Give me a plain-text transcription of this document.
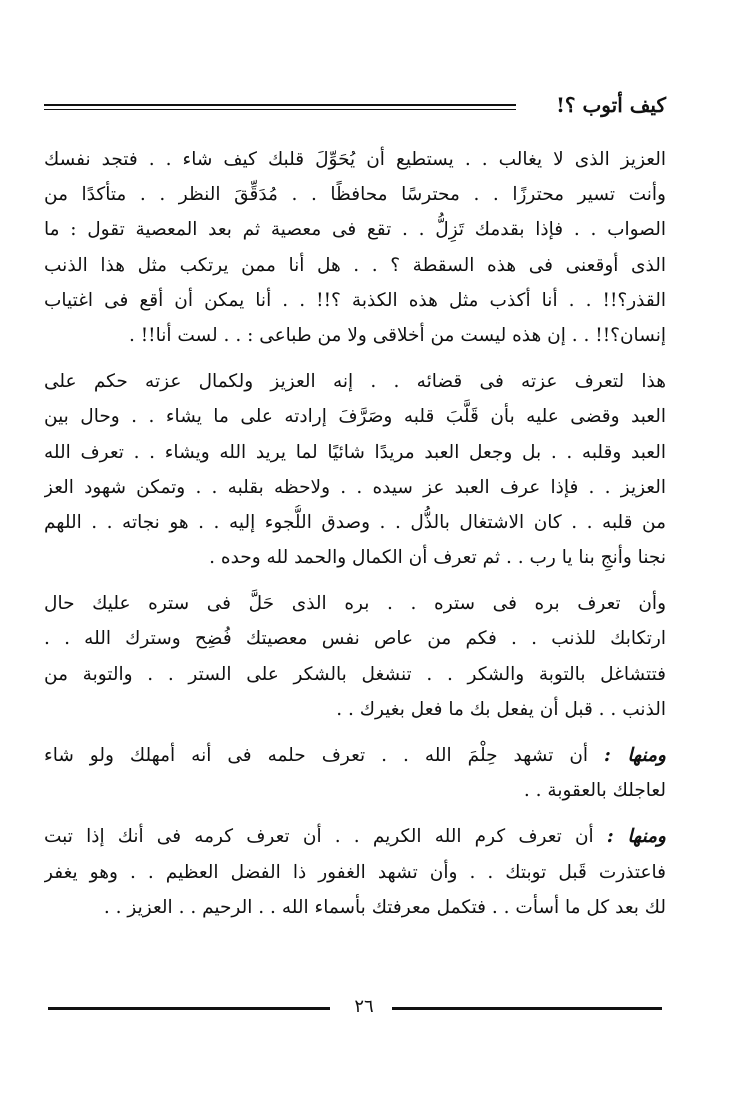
كيف أتوب ؟!
العزيز الذى لا يغالب . . يستطيع أن يُحَوِّلَ قلبك كيف شاء . . فتجد نفسك
وأنت تسير محترزًا . . محترسًا محافظًا . . مُدَقِّقَ النظر . . متأكدًا من
الصواب . . فإذا بقدمك تَزِلُّ . . تقع فى معصية ثم بعد المعصية تقول : ما
الذى أوقعنى فى هذه السقطة ؟ . . هل أنا ممن يرتكب مثل هذا الذنب
القذر؟!! . . أنا أكذب مثل هذه الكذبة ؟!! . . أنا يمكن أن أقع فى اغتياب
إنسان؟!! . . إن هذه ليست من أخلاقى ولا من طباعى : . . لست أنا!! .
هذا لتعرف عزته فى قضائه . . إنه العزيز ولكمال عزته حكم على
العبد وقضى عليه بأن قَلَّبَ قلبه وصَرَّفَ إرادته على ما يشاء . . وحال بين
العبد وقلبه . . بل وجعل العبد مريدًا شائيًا لما يريد الله ويشاء . . تعرف الله
العزيز . . فإذا عرف العبد عز سيده . . ولاحظه بقلبه . . وتمكن شهود العز
من قلبه . . كان الاشتغال بالذُّل . . وصدق اللُّجوء إليه . . هو نجاته . . اللهم
نجنا وأنجِ بنا يا رب . . ثم تعرف أن الكمال والحمد لله وحده .
وأن تعرف بره فى ستره . . بره الذى حَلَّ فى ستره عليك حال
ارتكابك للذنب . . فكم من عاص نفس معصيتك فُضِح وسترك الله . .
فتتشاغل بالتوبة والشكر . . تنشغل بالشكر على الستر . . والتوبة من
الذنب . . قبل أن يفعل بك ما فعل بغيرك . .
ومنها : أن تشهد حِلْمَ الله . . تعرف حلمه فى أنه أمهلك ولو شاء
لعاجلك بالعقوبة . .
ومنها : أن تعرف كرم الله الكريم . . أن تعرف كرمه فى أنك إذا تبت
فاعتذرت قَبل توبتك . . وأن تشهد الغفور ذا الفضل العظيم . . وهو يغفر
لك بعد كل ما أسأت . . فتكمل معرفتك بأسماء الله . . الرحيم . . العزيز . .
٢٦
